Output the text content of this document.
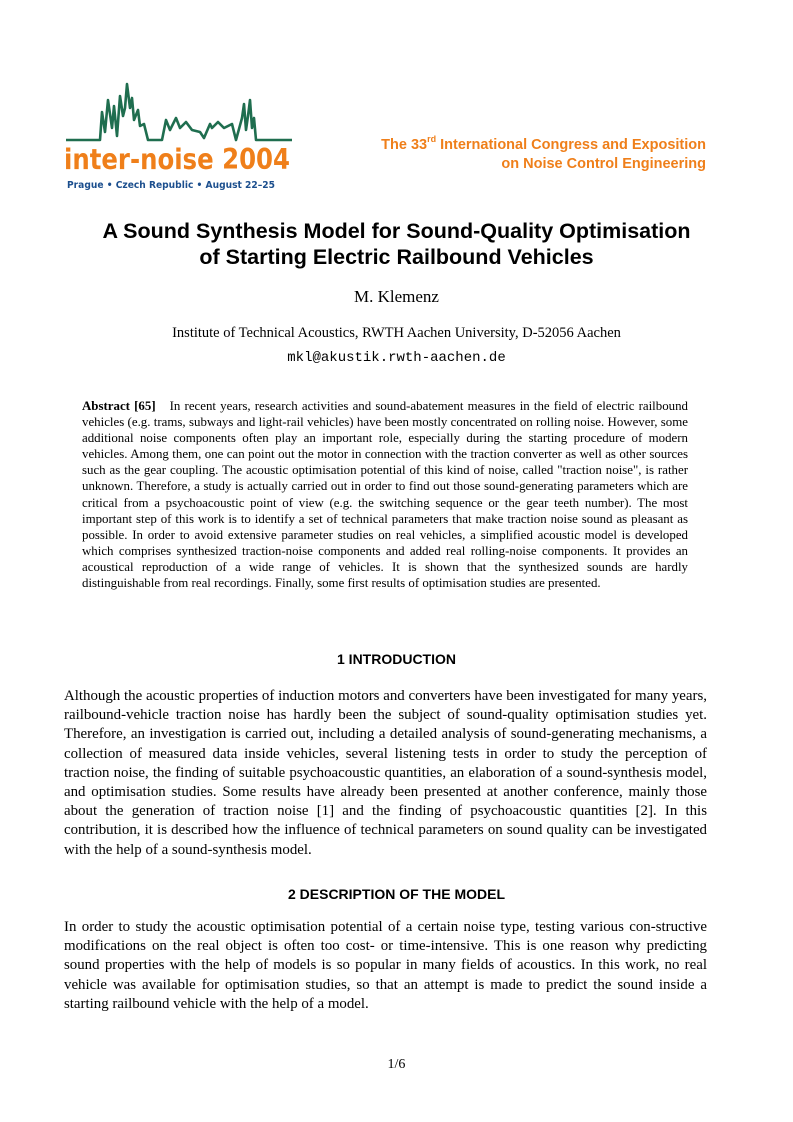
inter-noise 2004
Prague • Czech Republic • August 22–25
The 33rd International Congress and Exposition
on Noise Control Engineering
A Sound Synthesis Model for Sound-Quality Optimisation
of Starting Electric Railbound Vehicles
M. Klemenz
Institute of Technical Acoustics, RWTH Aachen University, D-52056 Aachen
mkl@akustik.rwth-aachen.de

Abstract [65] In recent years, research activities and sound-abatement measures in the field of electric railbound vehicles (e.g. trams, subways and light-rail vehicles) have been mostly concentrated on rolling noise. However, some additional noise components often play an important role, especially during the starting procedure of modern vehicles. Among them, one can point out the motor in connection with the traction converter as well as other sources such as the gear coupling. The acoustic optimisation potential of this kind of noise, called "traction noise", is rather unknown. Therefore, a study is actually carried out in order to find out those sound-generating parameters which are critical from a psychoacoustic point of view (e.g. the switching sequence or the gear teeth number). The most important step of this work is to identify a set of technical parameters that make traction noise sound as pleasant as possible. In order to avoid extensive parameter studies on real vehicles, a simplified acoustic model is developed which comprises synthesized traction-noise components and added real rolling-noise components. It provides an acoustical reproduction of a wide range of vehicles. It is shown that the synthesized sounds are hardly distinguishable from real recordings. Finally, some first results of optimisation studies are presented.

1 INTRODUCTION

Although the acoustic properties of induction motors and converters have been investigated for many years, railbound-vehicle traction noise has hardly been the subject of sound-quality optimisation studies yet. Therefore, an investigation is carried out, including a detailed analysis of sound-generating mechanisms, a collection of measured data inside vehicles, several listening tests in order to study the perception of traction noise, the finding of suitable psychoacoustic quantities, an elaboration of a sound-synthesis model, and optimisation studies. Some results have already been presented at another conference, mainly those about the generation of traction noise [1] and the finding of psychoacoustic quantities [2]. In this contribution, it is described how the influence of technical parameters on sound quality can be investigated with the help of a sound-synthesis model.

2 DESCRIPTION OF THE MODEL

In order to study the acoustic optimisation potential of a certain noise type, testing various con-structive modifications on the real object is often too cost- or time-intensive. This is one reason why predicting sound properties with the help of models is so popular in many fields of acoustics. In this work, no real vehicle was available for optimisation studies, so that an attempt is made to predict the sound inside a starting railbound vehicle with the help of a model.

1/6
